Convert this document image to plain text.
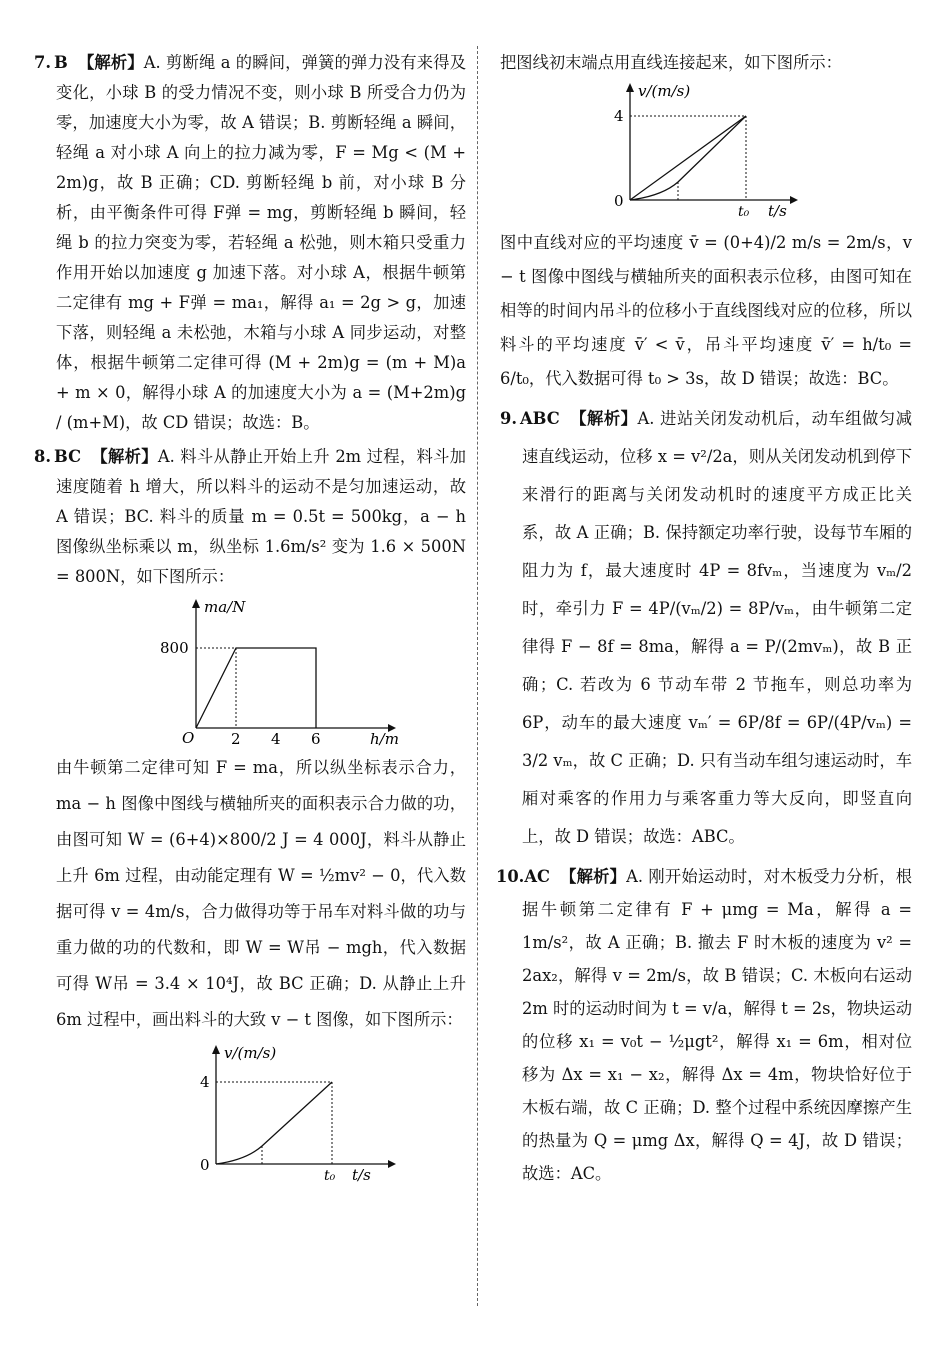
7. B 【解析】A. 剪断绳 a 的瞬间，弹簧的弹力没有来得及变化，小球 B 的受力情况不变，则小球 B 所受合力仍为零，加速度大小为零，故 A 错误；B. 剪断轻绳 a 瞬间，轻绳 a 对小球 A 向上的拉力减为零，F = Mg < (M + 2m)g，故 B 正确；CD. 剪断轻绳 b 前，对小球 B 分析，由平衡条件可得 F弹 = mg，剪断轻绳 b 瞬间，轻绳 b 的拉力突变为零，若轻绳 a 松弛，则木箱只受重力作用开始以加速度 g 加速下落。对小球 A，根据牛顿第二定律有 mg + F弹 = ma₁，解得 a₁ = 2g > g，加速下落，则轻绳 a 未松弛，木箱与小球 A 同步运动，对整体，根据牛顿第二定律可得 (M + 2m)g = (m + M)a + m × 0，解得小球 A 的加速度大小为 a = (M+2m)g / (m+M)，故 CD 错误；故选：B。

8. BC 【解析】A. 料斗从静止开始上升 2m 过程，料斗加速度随着 h 增大，所以料斗的运动不是匀加速运动，故 A 错误；BC. 料斗的质量 m = 0.5t = 500kg，a − h 图像纵坐标乘以 m，纵坐标 1.6m/s² 变为 1.6 × 500N = 800N，如下图所示：

ma/N
h/m
O
800
2 4 6

由牛顿第二定律可知 F = ma，所以纵坐标表示合力，ma − h 图像中图线与横轴所夹的面积表示合力做的功，由图可知 W = (6+4)×800/2 J = 4 000J，料斗从静止上升 6m 过程，由动能定理有 W = ½mv² − 0，代入数据可得 v = 4m/s，合力做得功等于吊车对料斗做的功与重力做的功的代数和，即 W = W吊 − mgh，代入数据可得 W吊 = 3.4 × 10⁴J，故 BC 正确；D. 从静止上升 6m 过程中，画出料斗的大致 v − t 图像，如下图所示：

v/(m/s)
t/s
0
4
t₀

把图线初末端点用直线连接起来，如下图所示：

v/(m/s)
t/s
0
4
t₀

图中直线对应的平均速度 v̄ = (0+4)/2 m/s = 2m/s，v − t 图像中图线与横轴所夹的面积表示位移，由图可知在相等的时间内吊斗的位移小于直线图线对应的位移，所以料斗的平均速度 v̄′ < v̄，吊斗平均速度 v̄′ = h/t₀ = 6/t₀，代入数据可得 t₀ > 3s，故 D 错误；故选：BC。

9. ABC 【解析】A. 进站关闭发动机后，动车组做匀减速直线运动，位移 x = v²/2a，则从关闭发动机到停下来滑行的距离与关闭发动机时的速度平方成正比关系，故 A 正确；B. 保持额定功率行驶，设每节车厢的阻力为 f，最大速度时 4P = 8fvₘ，当速度为 vₘ/2 时，牵引力 F = 4P/(vₘ/2) = 8P/vₘ，由牛顿第二定律得 F − 8f = 8ma，解得 a = P/(2mvₘ)，故 B 正确；C. 若改为 6 节动车带 2 节拖车，则总功率为 6P，动车的最大速度 vₘ′ = 6P/8f = 6P/(4P/vₘ) = 3/2 vₘ，故 C 正确；D. 只有当动车组匀速运动时，车厢对乘客的作用力与乘客重力等大反向，即竖直向上，故 D 错误；故选：ABC。

10.AC 【解析】A. 刚开始运动时，对木板受力分析，根据牛顿第二定律有 F + μmg = Ma，解得 a = 1m/s²，故 A 正确；B. 撤去 F 时木板的速度为 v² = 2ax₂，解得 v = 2m/s，故 B 错误；C. 木板向右运动 2m 时的运动时间为 t = v/a，解得 t = 2s，物块运动的位移 x₁ = v₀t − ½μgt²，解得 x₁ = 6m，相对位移为 Δx = x₁ − x₂，解得 Δx = 4m，物块恰好位于木板右端，故 C 正确；D. 整个过程中系统因摩擦产生的热量为 Q = μmg Δx，解得 Q = 4J，故 D 错误；故选：AC。
